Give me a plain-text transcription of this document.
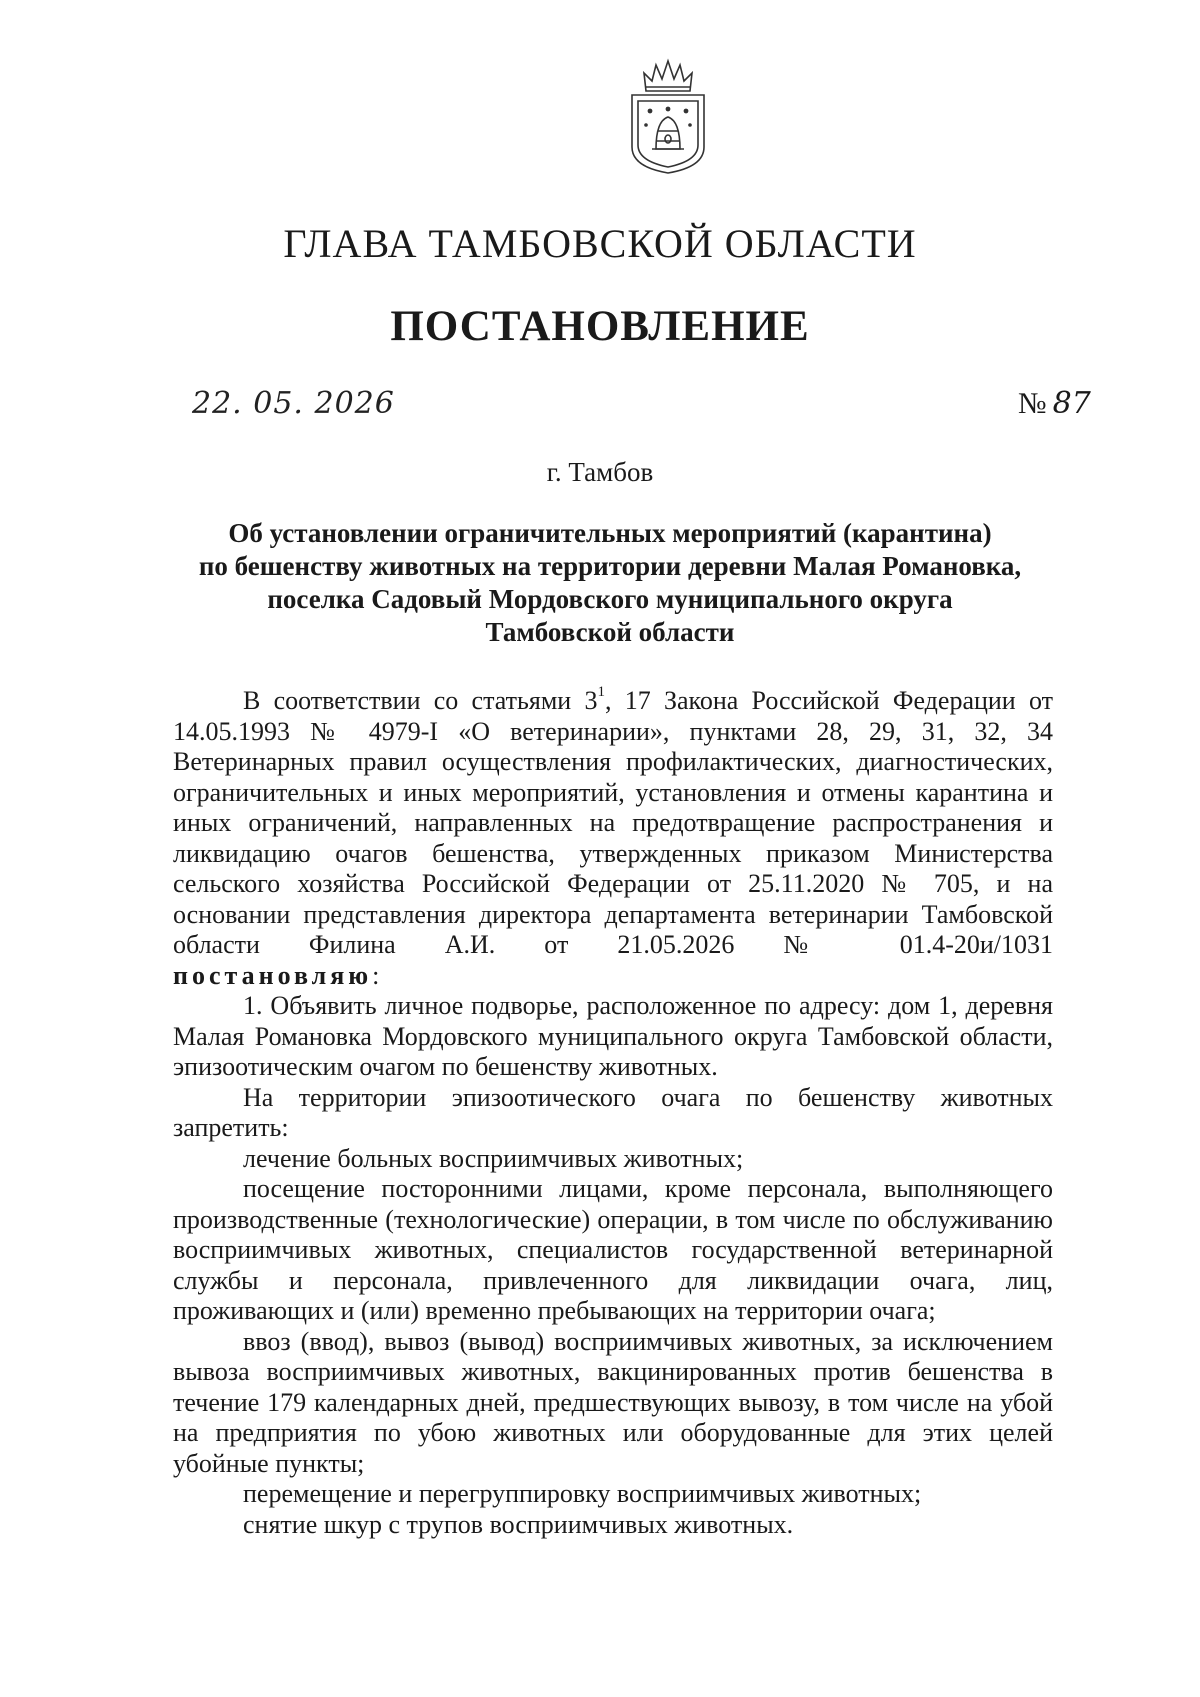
ГЛАВА ТАМБОВСКОЙ ОБЛАСТИ
ПОСТАНОВЛЕНИЕ
22. 05. 2026	№ 87
г. Тамбов
Об установлении ограничительных мероприятий (карантина)
по бешенству животных на территории деревни Малая Романовка,
поселка Садовый Мордовского муниципального округа
Тамбовской области

В соответствии со статьями $3^1$, 17 Закона Российской Федерации от 14.05.1993 № 4979-I «О ветеринарии», пунктами 28, 29, 31, 32, 34 Ветеринарных правил осуществления профилактических, диагностических, ограничительных и иных мероприятий, установления и отмены карантина и иных ограничений, направленных на предотвращение распространения и ликвидацию очагов бешенства, утвержденных приказом Министерства сельского хозяйства Российской Федерации от 25.11.2020 № 705, и на основании представления директора департамента ветеринарии Тамбовской области Филина А.И. от 21.05.2026 № 01.4-20и/1031

постановляю:

1. Объявить личное подворье, расположенное по адресу: дом 1, деревня Малая Романовка Мордовского муниципального округа Тамбовской области, эпизоотическим очагом по бешенству животных.

На территории эпизоотического очага по бешенству животных запретить:

лечение больных восприимчивых животных;

посещение посторонними лицами, кроме персонала, выполняющего производственные (технологические) операции, в том числе по обслуживанию восприимчивых животных, специалистов государственной ветеринарной службы и персонала, привлеченного для ликвидации очага, лиц, проживающих и (или) временно пребывающих на территории очага;

ввоз (ввод), вывоз (вывод) восприимчивых животных, за исключением вывоза восприимчивых животных, вакцинированных против бешенства в течение 179 календарных дней, предшествующих вывозу, в том числе на убой на предприятия по убою животных или оборудованные для этих целей убойные пункты;

перемещение и перегруппировку восприимчивых животных;

снятие шкур с трупов восприимчивых животных.
